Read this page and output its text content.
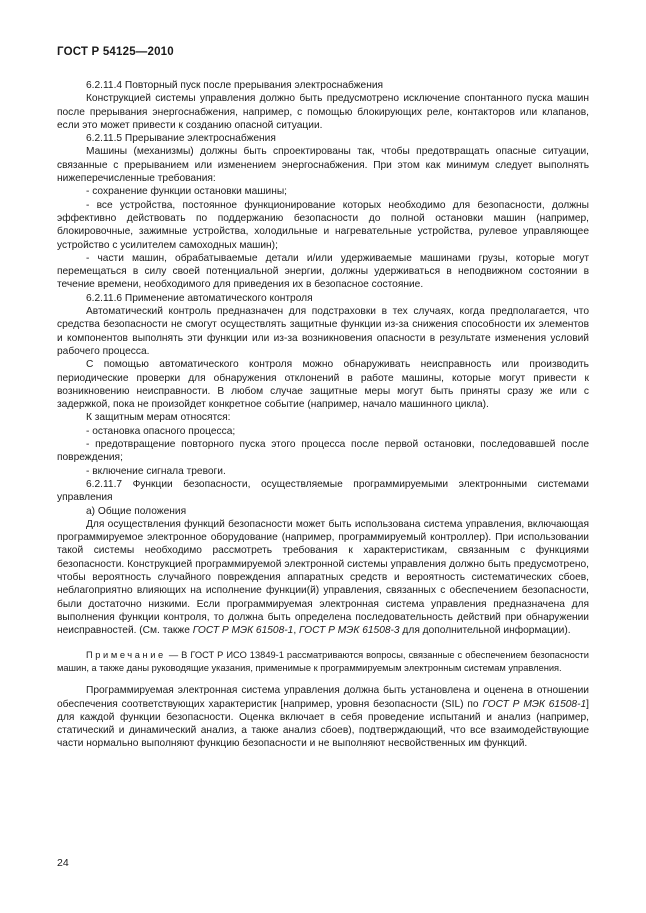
ГОСТ Р 54125—2010

6.2.11.4 Повторный пуск после прерывания электроснабжения

Конструкцией системы управления должно быть предусмотрено исключение спонтанного пуска машин после прерывания энергоснабжения, например, с помощью блокирующих реле, контакторов или клапанов, если это может привести к созданию опасной ситуации.

6.2.11.5 Прерывание электроснабжения

Машины (механизмы) должны быть спроектированы так, чтобы предотвращать опасные ситуации, связанные с прерыванием или изменением энергоснабжения. При этом как минимум следует выполнять нижеперечисленные требования:

- сохранение функции остановки машины;

- все устройства, постоянное функционирование которых необходимо для безопасности, должны эффективно действовать по поддержанию безопасности до полной остановки машин (например, блокировочные, зажимные устройства, холодильные и нагревательные устройства, рулевое управляющее устройство с усилителем самоходных машин);

- части машин, обрабатываемые детали и/или удерживаемые машинами грузы, которые могут перемещаться в силу своей потенциальной энергии, должны удерживаться в неподвижном состоянии в течение времени, необходимого для приведения их в безопасное состояние.

6.2.11.6 Применение автоматического контроля

Автоматический контроль предназначен для подстраховки в тех случаях, когда предполагается, что средства безопасности не смогут осуществлять защитные функции из-за снижения способности их элементов и компонентов выполнять эти функции или из-за возникновения опасности в результате изменения условий рабочего процесса.

С помощью автоматического контроля можно обнаруживать неисправность или производить периодические проверки для обнаружения отклонений в работе машины, которые могут привести к возникновению неисправности. В любом случае защитные меры могут быть приняты сразу же или с задержкой, пока не произойдет конкретное событие (например, начало машинного цикла).

К защитным мерам относятся:

- остановка опасного процесса;

- предотвращение повторного пуска этого процесса после первой остановки, последовавшей после повреждения;

- включение сигнала тревоги.

6.2.11.7 Функции безопасности, осуществляемые программируемыми электронными системами управления

а) Общие положения

Для осуществления функций безопасности может быть использована система управления, включающая программируемое электронное оборудование (например, программируемый контроллер). При использовании такой системы необходимо рассмотреть требования к характеристикам, связанным с функциями безопасности. Конструкцией программируемой электронной системы управления должно быть предусмотрено, чтобы вероятность случайного повреждения аппаратных средств и вероятность систематических сбоев, неблагоприятно влияющих на исполнение функции(й) управления, связанных с обеспечением безопасности, были достаточно низкими. Если программируемая электронная система управления предназначена для выполнения функции контроля, то должна быть определена последовательность действий при обнаружении неисправностей. (См. также ГОСТ Р МЭК 61508-1, ГОСТ Р МЭК 61508-3 для дополнительной информации).

Примечание — В ГОСТ Р ИСО 13849-1 рассматриваются вопросы, связанные с обеспечением безопасности машин, а также даны руководящие указания, применимые к программируемым электронным системам управления.

Программируемая электронная система управления должна быть установлена и оценена в отношении обеспечения соответствующих характеристик [например, уровня безопасности (SIL) по ГОСТ Р МЭК 61508-1] для каждой функции безопасности. Оценка включает в себя проведение испытаний и анализ (например, статический и динамический анализ, а также анализ сбоев), подтверждающий, что все взаимодействующие части нормально выполняют функцию безопасности и не выполняют несвойственных им функций.

24
